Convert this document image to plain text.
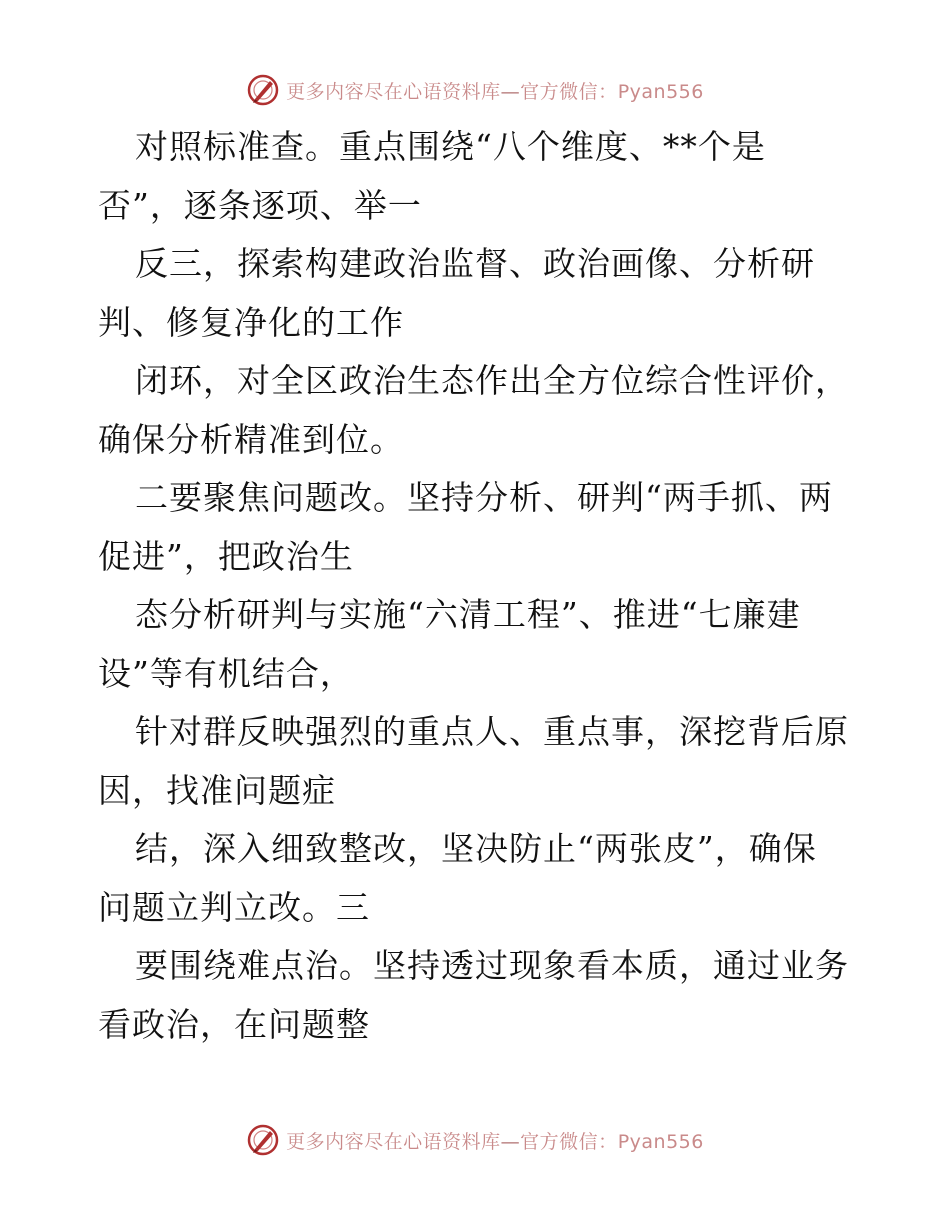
更多内容尽在心语资料库—官方微信：Pyan556
对照标准查。重点围绕“八个维度、**个是
否”，逐条逐项、举一
反三，探索构建政治监督、政治画像、分析研
判、修复净化的工作
闭环，对全区政治生态作出全方位综合性评价，
确保分析精准到位。
二要聚焦问题改。坚持分析、研判“两手抓、两
促进”，把政治生
态分析研判与实施“六清工程”、推进“七廉建
设”等有机结合，
针对群反映强烈的重点人、重点事，深挖背后原
因，找准问题症
结，深入细致整改，坚决防止“两张皮”，确保
问题立判立改。三
要围绕难点治。坚持透过现象看本质，通过业务
看政治，在问题整
更多内容尽在心语资料库—官方微信：Pyan556
